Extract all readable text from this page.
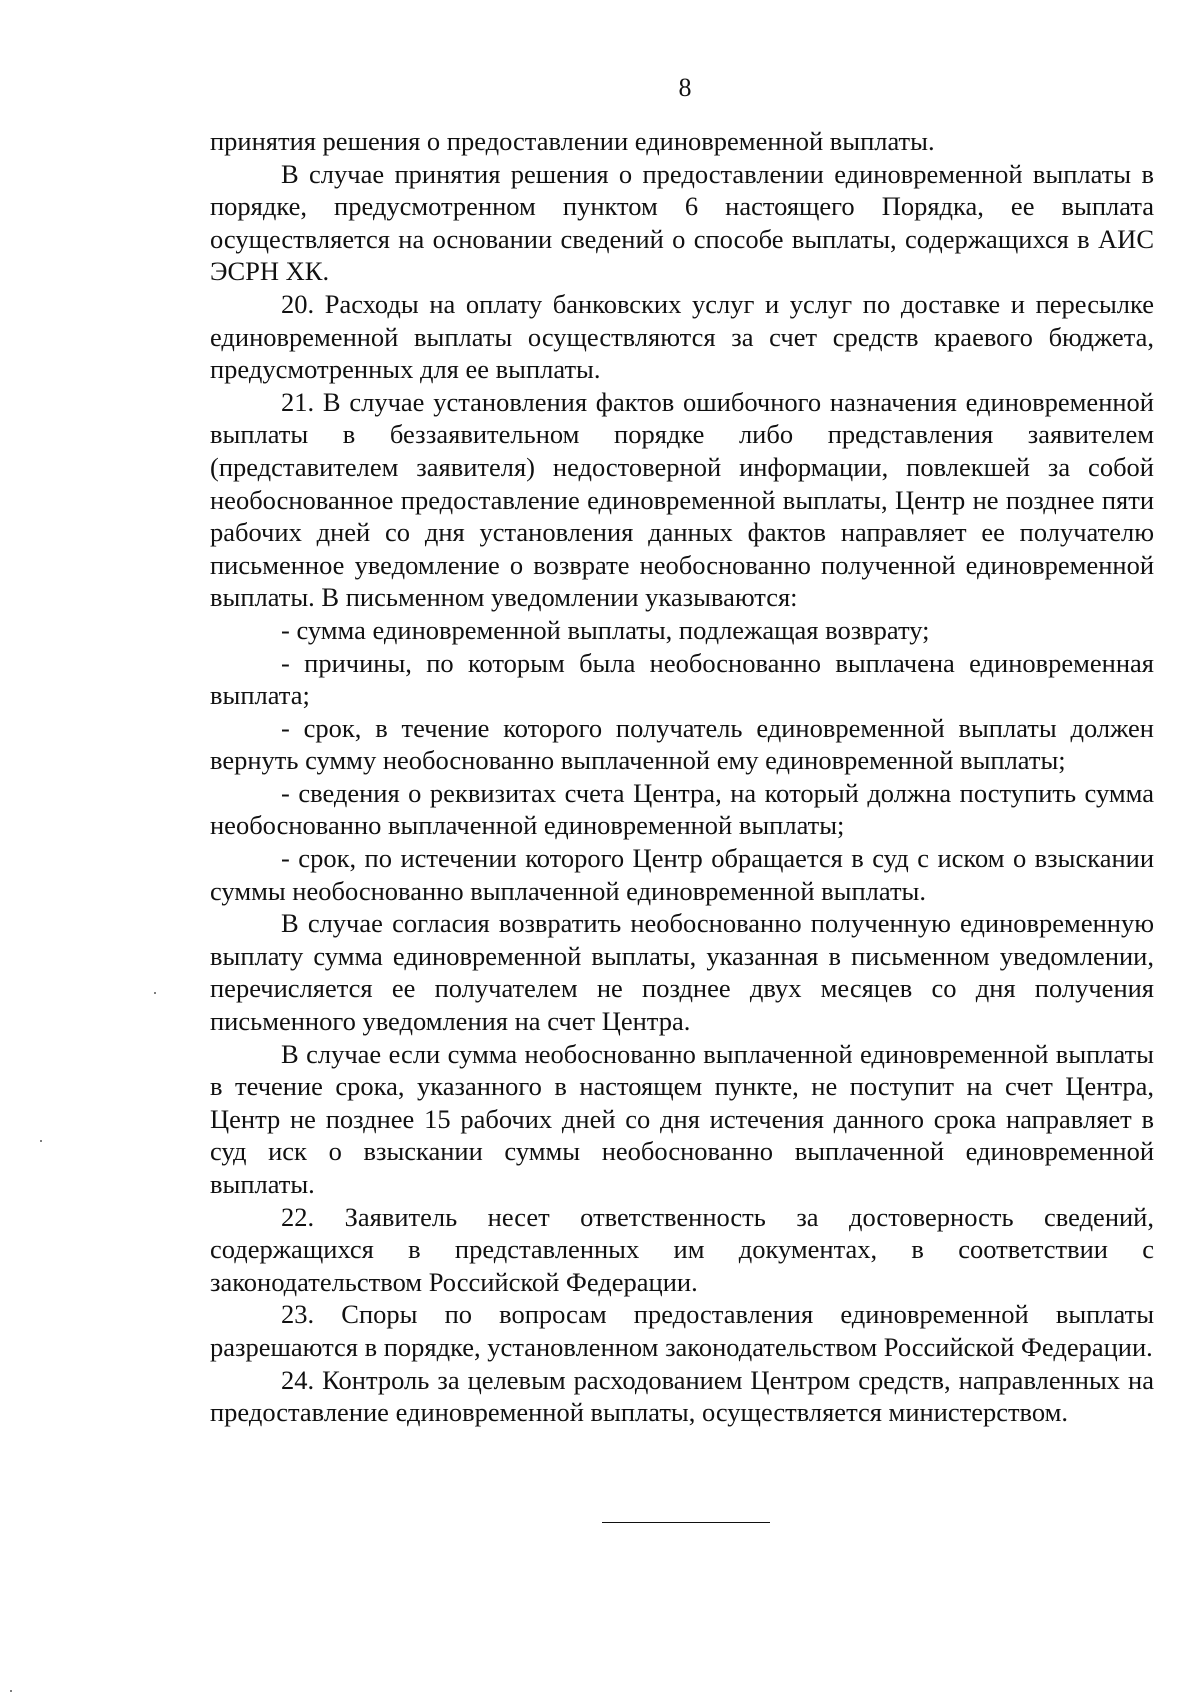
8

принятия решения о предоставлении единовременной выплаты.

В случае принятия решения о предоставлении единовременной выплаты в порядке, предусмотренном пунктом 6 настоящего Порядка, ее выплата осуществляется на основании сведений о способе выплаты, содержащихся в АИС ЭСРН ХК.

20. Расходы на оплату банковских услуг и услуг по доставке и пересылке единовременной выплаты осуществляются за счет средств краевого бюджета, предусмотренных для ее выплаты.

21. В случае установления фактов ошибочного назначения единовременной выплаты в беззаявительном порядке либо представления заявителем (представителем заявителя) недостоверной информации, повлекшей за собой необоснованное предоставление единовременной выплаты, Центр не позднее пяти рабочих дней со дня установления данных фактов направляет ее получателю письменное уведомление о возврате необоснованно полученной единовременной выплаты. В письменном уведомлении указываются:

- сумма единовременной выплаты, подлежащая возврату;

- причины, по которым была необоснованно выплачена единовременная выплата;

- срок, в течение которого получатель единовременной выплаты должен вернуть сумму необоснованно выплаченной ему единовременной выплаты;

- сведения о реквизитах счета Центра, на который должна поступить сумма необоснованно выплаченной единовременной выплаты;

- срок, по истечении которого Центр обращается в суд с иском о взыскании суммы необоснованно выплаченной единовременной выплаты.

В случае согласия возвратить необоснованно полученную единовременную выплату сумма единовременной выплаты, указанная в письменном уведомлении, перечисляется ее получателем не позднее двух месяцев со дня получения письменного уведомления на счет Центра.

В случае если сумма необоснованно выплаченной единовременной выплаты в течение срока, указанного в настоящем пункте, не поступит на счет Центра, Центр не позднее 15 рабочих дней со дня истечения данного срока направляет в суд иск о взыскании суммы необоснованно выплаченной единовременной выплаты.

22. Заявитель несет ответственность за достоверность сведений, содержащихся в представленных им документах, в соответствии с законодательством Российской Федерации.

23. Споры по вопросам предоставления единовременной выплаты разрешаются в порядке, установленном законодательством Российской Федерации.

24. Контроль за целевым расходованием Центром средств, направленных на предоставление единовременной выплаты, осуществляется министерством.
